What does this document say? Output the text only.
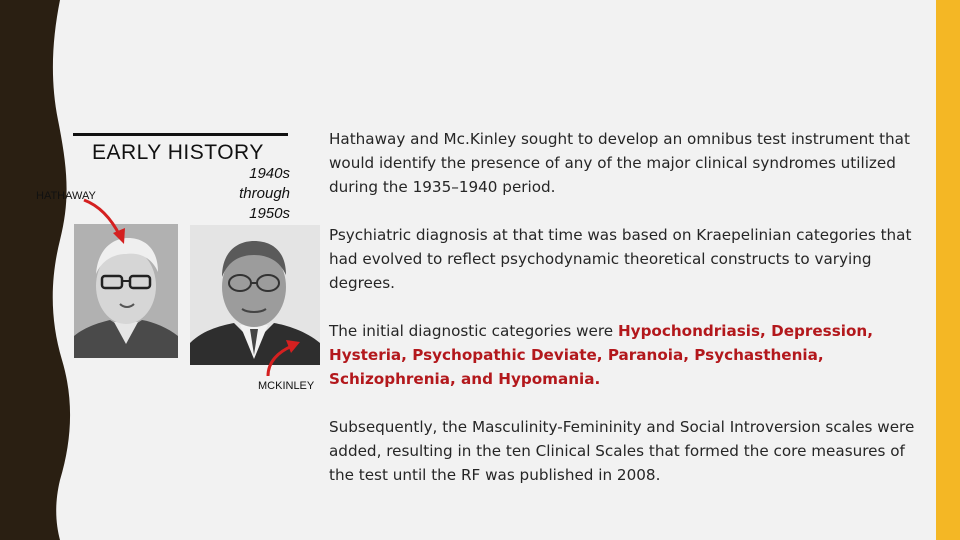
EARLY HISTORY
1940s through 1950s
HATHAWAY
MCKINLEY

Hathaway and Mc.Kinley sought to develop an omnibus test instrument that would identify the presence of any of the major clinical syndromes utilized during the 1935–1940 period.

Psychiatric diagnosis at that time was based on Kraepelinian categories that had evolved to reflect psychodynamic theoretical constructs to varying degrees.

The initial diagnostic categories were Hypochondriasis, Depression, Hysteria, Psychopathic Deviate, Paranoia, Psychasthenia, Schizophrenia, and Hypomania.

Subsequently, the Masculinity-Femininity and Social Introversion scales were added, resulting in the ten Clinical Scales that formed the core measures of the test until the RF was published in 2008.
